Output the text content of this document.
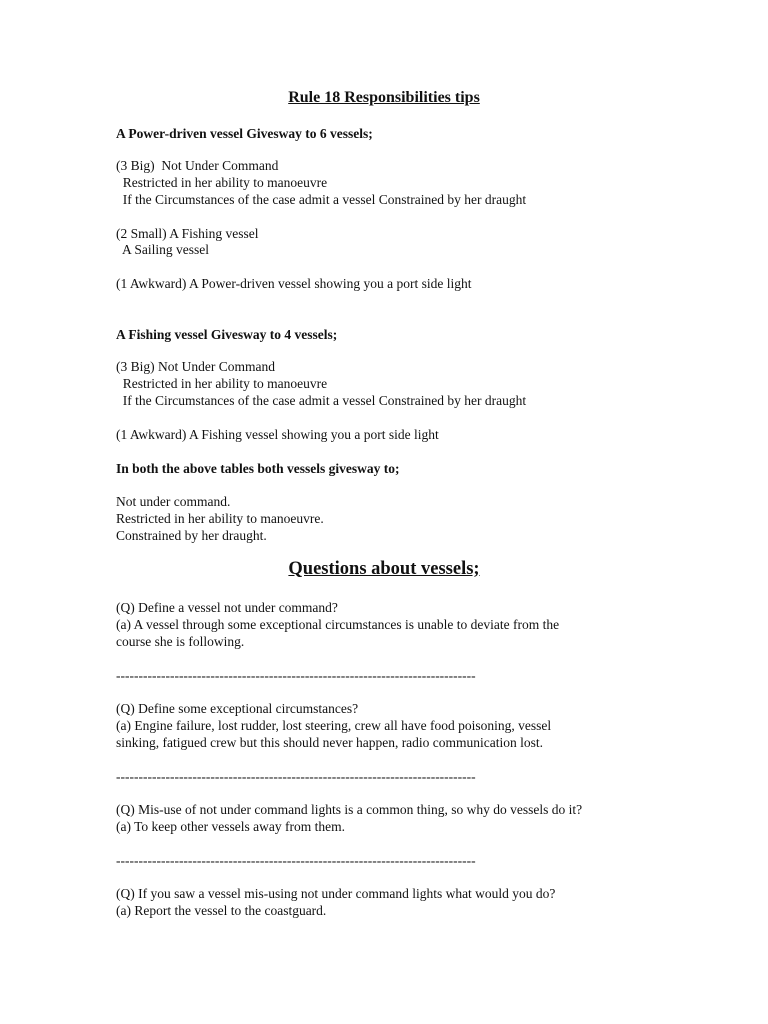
Rule 18 Responsibilities tips
A Power-driven vessel Givesway to 6 vessels;
(3 Big)  Not Under Command
Restricted in her ability to manoeuvre
If the Circumstances of the case admit a vessel Constrained by her draught
(2 Small) A Fishing vessel
A Sailing vessel
(1 Awkward) A Power-driven vessel showing you a port side light
A Fishing vessel Givesway to 4 vessels;
(3 Big) Not Under Command
Restricted in her ability to manoeuvre
If the Circumstances of the case admit a vessel Constrained by her draught
(1 Awkward) A Fishing vessel showing you a port side light
In both the above tables both vessels givesway to;
Not under command.
Restricted in her ability to manoeuvre.
Constrained by her draught.
Questions about vessels;
(Q) Define a vessel not under command?
(a) A vessel through some exceptional circumstances is unable to deviate from the
course she is following.
--------------------------------------------------------------------------------
(Q) Define some exceptional circumstances?
(a) Engine failure, lost rudder, lost steering, crew all have food poisoning, vessel
sinking, fatigued crew but this should never happen, radio communication lost.
--------------------------------------------------------------------------------
(Q) Mis-use of not under command lights is a common thing, so why do vessels do it?
(a) To keep other vessels away from them.
--------------------------------------------------------------------------------
(Q) If you saw a vessel mis-using not under command lights what would you do?
(a) Report the vessel to the coastguard.
